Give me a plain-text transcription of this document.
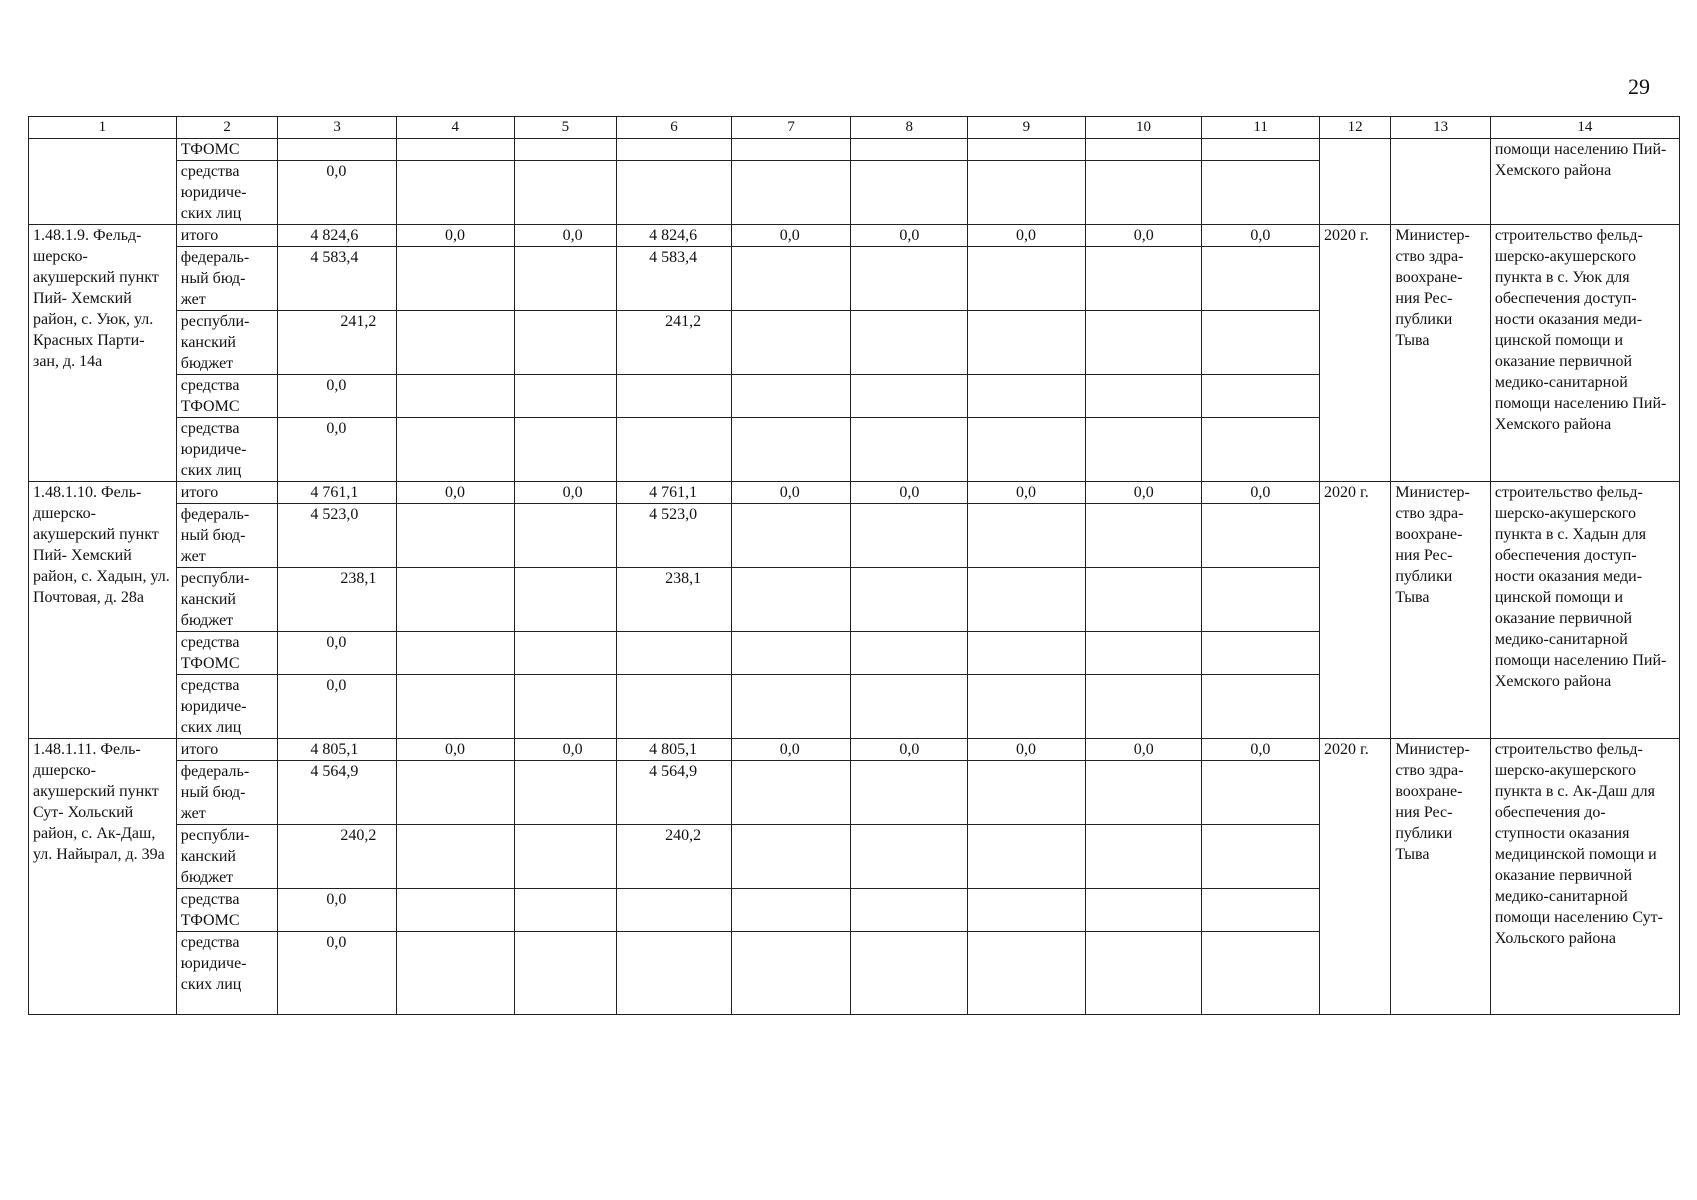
29
1	2	3	4	5	6	7	8	9	10	11	12	13	14
	ТФОМС												помощи населению Пий-Хемского района
	средства юридиче- ских лиц	0,0											
1.48.1.9. Фельд- шерско- акушерский пункт Пий- Хемский район, с. Уюк, ул. Красных Парти- зан, д. 14а	итого	4 824,6	0,0	0,0	4 824,6	0,0	0,0	0,0	0,0	0,0	2020 г.	Министер- ство здра- воохране- ния Рес- публики Тыва	строительство фельд- шерско-акушерского пункта в с. Уюк для обеспечения доступ- ности оказания меди- цинской помощи и оказание первичной медико-санитарной помощи населению Пий-Хемского района
	федераль- ный бюд- жет	4 583,4			4 583,4								
	республи- канский бюджет	241,2			241,2								
	средства ТФОМС	0,0											
	средства юридиче- ских лиц	0,0											
1.48.1.10. Фель- дшерско- акушерский пункт Пий- Хемский район, с. Хадын, ул. Почтовая, д. 28а	итого	4 761,1	0,0	0,0	4 761,1	0,0	0,0	0,0	0,0	0,0	2020 г.	Министер- ство здра- воохране- ния Рес- публики Тыва	строительство фельд- шерско-акушерского пункта в с. Хадын для обеспечения доступ- ности оказания меди- цинской помощи и оказание первичной медико-санитарной помощи населению Пий-Хемского района
	федераль- ный бюд- жет	4 523,0			4 523,0								
	республи- канский бюджет	238,1			238,1								
	средства ТФОМС	0,0											
	средства юридиче- ских лиц	0,0											
1.48.1.11. Фель- дшерско- акушерский пункт Сут- Хольский район, с. Ак-Даш, ул. Найырал, д. 39а	итого	4 805,1	0,0	0,0	4 805,1	0,0	0,0	0,0	0,0	0,0	2020 г.	Министер- ство здра- воохране- ния Рес- публики Тыва	строительство фельд- шерско-акушерского пункта в с. Ак-Даш для обеспечения до- ступности оказания медицинской помощи и оказание первичной медико-санитарной помощи населению Сут-Хольского района
	федераль- ный бюд- жет	4 564,9			4 564,9								
	республи- канский бюджет	240,2			240,2								
	средства ТФОМС	0,0											
	средства юридиче- ских лиц	0,0											
